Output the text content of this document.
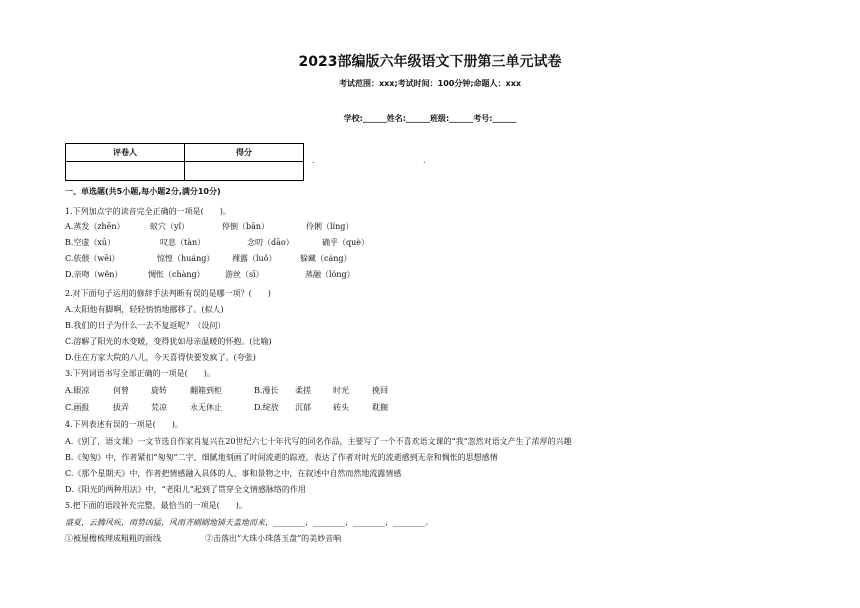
2023部编版六年级语文下册第三单元试卷
考试范围：xxx;考试时间：100分钟;命题人：xxx
学校:______姓名:______班级:______考号:______
评卷人	得分

.	.
一、单选题(共5小题,每小题2分,满分10分)
1.下列加点字的读音完全正确的一项是(　　)。
A.蒸发（zhēn）	蚁穴（yǐ）	停倒（bān）	伶俐（líng）
B.空虚（xū）	叹息（tàn）	念叨（dāo）	确乎（què）
C.依偎（wēi）	惊惶（huáng） 裸露（luǒ）	躲藏（cáng）
D.亲吻（wěn）	惆怅（chàng）	游丝（sī）	蒸融（lóng）
2.对下面句子运用的修辞手法判断有误的是哪一项？(　　)
A.太阳他有脚啊，轻轻悄悄地挪移了。(拟人)
B.我们的日子为什么一去不复返呢？（设问）
C.溶解了阳光的水变暖，变得犹如母亲温暖的怀抱。(比喻)
D.住在方家大院的八儿，今天喜得快要发疯了。(夸张)
3.下列词语书写全部正确的一项是(　　)。
A.眼凉	何曾	旋转	翻箱到柜	B.漫长 柔搓	时光	挽回
C.画报	拔弄	荒凉	永无休止	D.绽放 沉郁	砖头	耽搁
4.下列表述有误的一项是(　　)。
A.《别了，语文课》一文节选自作家肖复兴在20世纪六七十年代写的同名作品，主要写了一个不喜欢语文课的“我”忽然对语文产生了浓厚的兴趣
B.《匆匆》中，作者紧扣“匆匆”二字，细腻地刻画了时间流逝的踪迹，表达了作者对时光的流逝感到无奈和惆怅的思想感情
C.《那个星期天》中，作者把情感融入具体的人、事和景物之中，在叙述中自然而然地流露情感
D.《阳光的两种用法》中，“老阳儿”起到了贯穿全文情感脉络的作用
5.把下面的语段补充完整，最恰当的一项是(　　)。
盛夏，云腾风疾，雨势凶猛，风雨齐刷刷地铺天盖地而来，________，________，________，________。
①被屋檐梳理成粗粗的雨线	②击落出“大珠小珠落玉盘”的美妙音响
